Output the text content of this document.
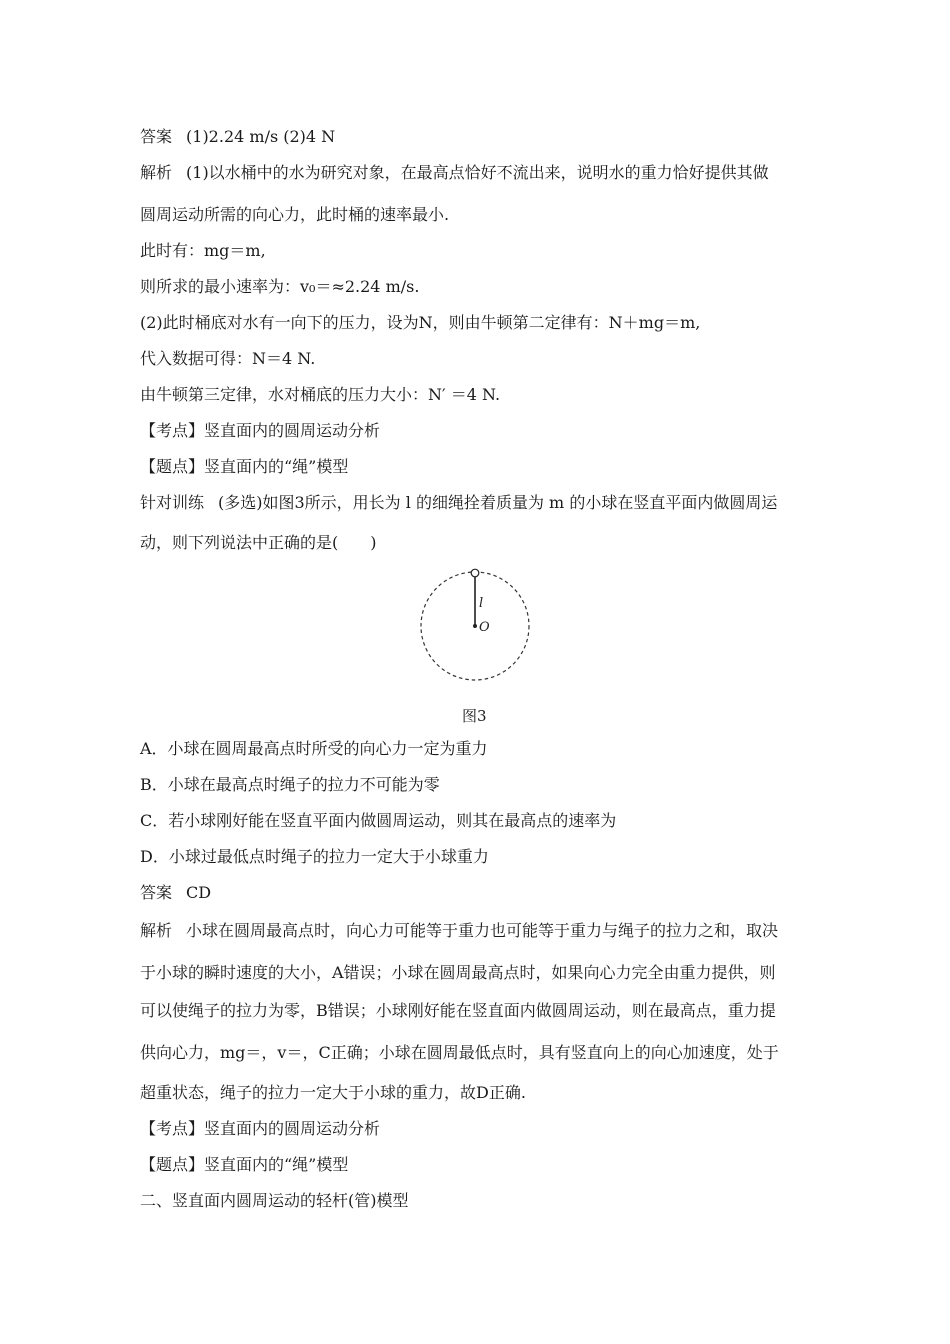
答案 (1)2.24 m/s (2)4 N
解析 (1)以水桶中的水为研究对象，在最高点恰好不流出来，说明水的重力恰好提供其做
圆周运动所需的向心力，此时桶的速率最小.
此时有：mg＝m,
则所求的最小速率为：v₀＝≈2.24 m/s.
(2)此时桶底对水有一向下的压力，设为N，则由牛顿第二定律有：N＋mg＝m,
代入数据可得：N＝4 N.
由牛顿第三定律，水对桶底的压力大小：N′ ＝4 N.
【考点】竖直面内的圆周运动分析
【题点】竖直面内的“绳”模型
针对训练 (多选)如图3所示，用长为 l 的细绳拴着质量为 m 的小球在竖直平面内做圆周运
动，则下列说法中正确的是(　　)
l
O
图3
A．小球在圆周最高点时所受的向心力一定为重力
B．小球在最高点时绳子的拉力不可能为零
C．若小球刚好能在竖直平面内做圆周运动，则其在最高点的速率为
D．小球过最低点时绳子的拉力一定大于小球重力
答案 CD
解析 小球在圆周最高点时，向心力可能等于重力也可能等于重力与绳子的拉力之和，取决
于小球的瞬时速度的大小，A错误；小球在圆周最高点时，如果向心力完全由重力提供，则
可以使绳子的拉力为零，B错误；小球刚好能在竖直面内做圆周运动，则在最高点，重力提
供向心力，mg＝，v＝，C正确；小球在圆周最低点时，具有竖直向上的向心加速度，处于
超重状态，绳子的拉力一定大于小球的重力，故D正确.
【考点】竖直面内的圆周运动分析
【题点】竖直面内的“绳”模型
二、竖直面内圆周运动的轻杆(管)模型
